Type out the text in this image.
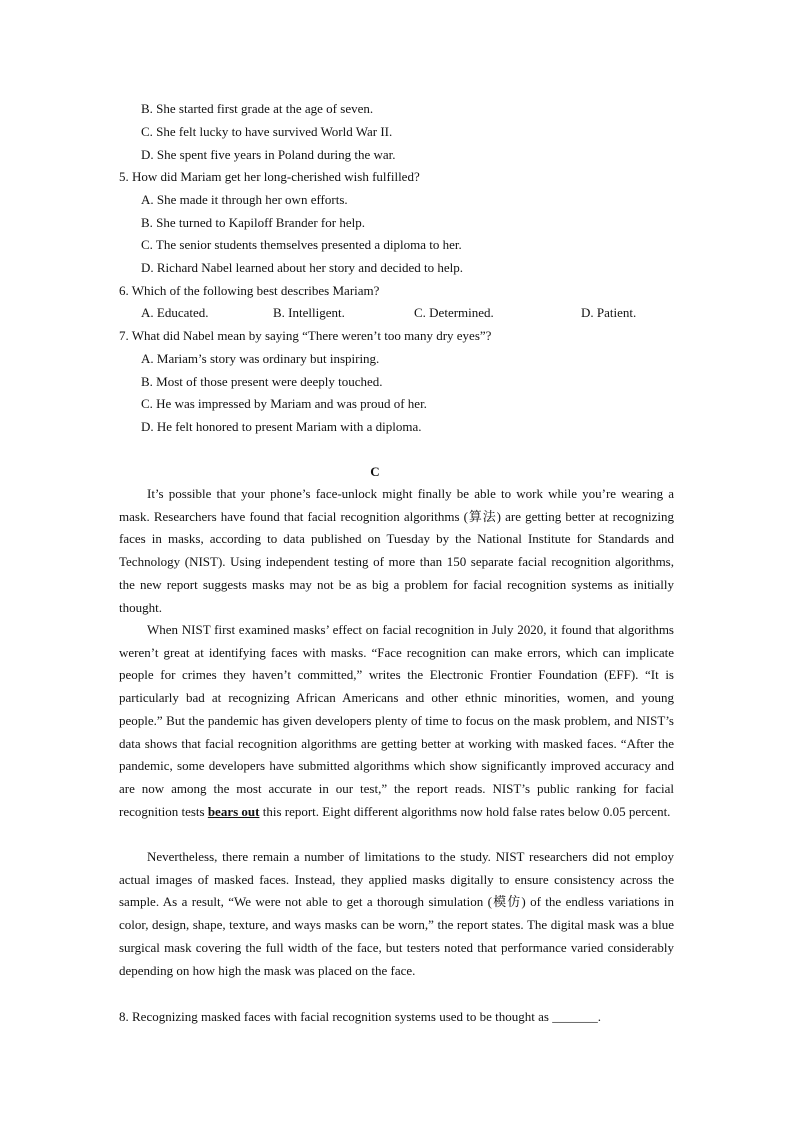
B. She started first grade at the age of seven.
C. She felt lucky to have survived World War II.
D. She spent five years in Poland during the war.
5. How did Mariam get her long-cherished wish fulfilled?
A. She made it through her own efforts.
B. She turned to Kapiloff Brander for help.
C. The senior students themselves presented a diploma to her.
D. Richard Nabel learned about her story and decided to help.
6. Which of the following best describes Mariam?
A. Educated.	B. Intelligent.	C. Determined.	D. Patient.
7. What did Nabel mean by saying “There weren’t too many dry eyes”?
A. Mariam’s story was ordinary but inspiring.
B. Most of those present were deeply touched.
C. He was impressed by Mariam and was proud of her.
D. He felt honored to present Mariam with a diploma.
C

It’s possible that your phone’s face-unlock might finally be able to work while you’re wearing a mask. Researchers have found that facial recognition algorithms (算法) are getting better at recognizing faces in masks, according to data published on Tuesday by the National Institute for Standards and Technology (NIST). Using independent testing of more than 150 separate facial recognition algorithms, the new report suggests masks may not be as big a problem for facial recognition systems as initially thought.

When NIST first examined masks’ effect on facial recognition in July 2020, it found that algorithms weren’t great at identifying faces with masks. “Face recognition can make errors, which can implicate people for crimes they haven’t committed,” writes the Electronic Frontier Foundation (EFF). “It is particularly bad at recognizing African Americans and other ethnic minorities, women, and young people.” But the pandemic has given developers plenty of time to focus on the mask problem, and NIST’s data shows that facial recognition algorithms are getting better at working with masked faces. “After the pandemic, some developers have submitted algorithms which show significantly improved accuracy and are now among the most accurate in our test,” the report reads. NIST’s public ranking for facial recognition tests bears out this report. Eight different algorithms now hold false rates below 0.05 percent.

Nevertheless, there remain a number of limitations to the study. NIST researchers did not employ actual images of masked faces. Instead, they applied masks digitally to ensure consistency across the sample. As a result, “We were not able to get a thorough simulation (模仿) of the endless variations in color, design, shape, texture, and ways masks can be worn,” the report states. The digital mask was a blue surgical mask covering the full width of the face, but testers noted that performance varied considerably depending on how high the mask was placed on the face.

8. Recognizing masked faces with facial recognition systems used to be thought as _______.
